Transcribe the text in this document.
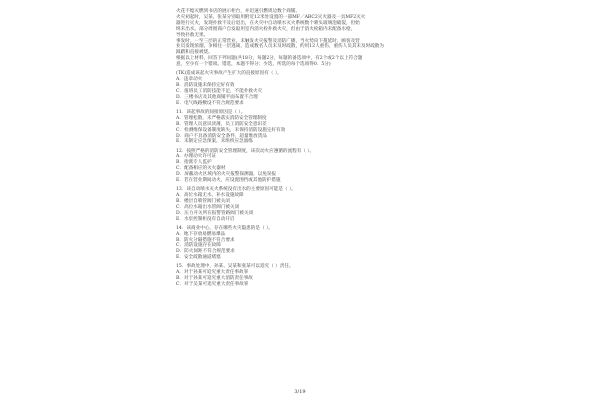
火花不熄灭燃到书店的展示柜台，并迅速引燃周边数个商铺。
火灾初起时，吴某、张某分别取用附近12米处设置的一部MF／ABC2灭火器及一具MF2灭火
器进行灭火，发现扑救不及后退出，在火灾中自动喷水灭火系统数个喷头玻璃泡破裂，但始
终未出水。部分周围商户自发取用室内消火栓扑救火灾，但由于消火栓箱内未配备水枪，
导致扑救无果。
事发时，一至三层的正常营业，未触发火灾报警及消防广播，当火势向下蔓延时，顾客及营
业员发现浓烟，争相往一层逃离，造成数名人员未及时疏散，约用12人重伤，重伤人员其未及时疏散为
踩踏和直接被烧。
根据以上材料，回答下列问题(共18分，每题2分，每题的备选项中，有2个或2个以上符合题
意，至少有一个错项。错选，本题不得分；少选，所选的每个选项得0．5分)
(TK)造成该起火灾事故产生扩大的直接原因有（ ）。
A．违章动火
B．消防设施未保持完好有效
C．值班员工消防技能不足，不能扑救火灾
D．三楼书店及其他商铺平面布置不合理
E．电气线路敷设不符合规范要求
11．该起事故的间接原因是（ ）。
A．管理松散，未严格落实消防安全管理制度
B．管理人员意识淡薄，员工消防安全意识差
C．检测维保设备制度缺失，未保持消防设施完好有效
D．商户不具备消防安全条件，超量堆放货品
E．未制定应急预案，未组织应急演练
12．按照严格的消防安全管理制度，该次动火应遵循的流程有（ ）。
A．办理动火许可证
B．指派专人监护
C．配备相应的灭火器材
D．屏蔽动火区域内的火灾报警探测器，以免误报
E．若在营业期间动火，应设置围挡或其他防护措施
13．该自动喷水灭火系统没有出水的主要原因可能是（ ）。
A．高位水箱无水，补水设施故障
B．楼层自喷管阀门被关闭
C．高位水箱出水管阀门被关闭
D．压力开关所在报警管路阀门被关闭
E．水泵控制柜没有自动开启
14．该商业中心，存在哪些火灾隐患的是（ ）。
A．地下存放易燃易爆品
B．防火分隔措施不符合要求
C．消防设施存在故障
D．防火间距不符合规范要求
E．安全疏散通道堵塞
15．事故处理中，孙某、吴某和张某可以追究（ ）责任。
A．对于孙某可追究重大责任事故罪
B．对于孙某可追究重大消防责任事故
C．对于吴某可追究重大责任事故罪
3/19
